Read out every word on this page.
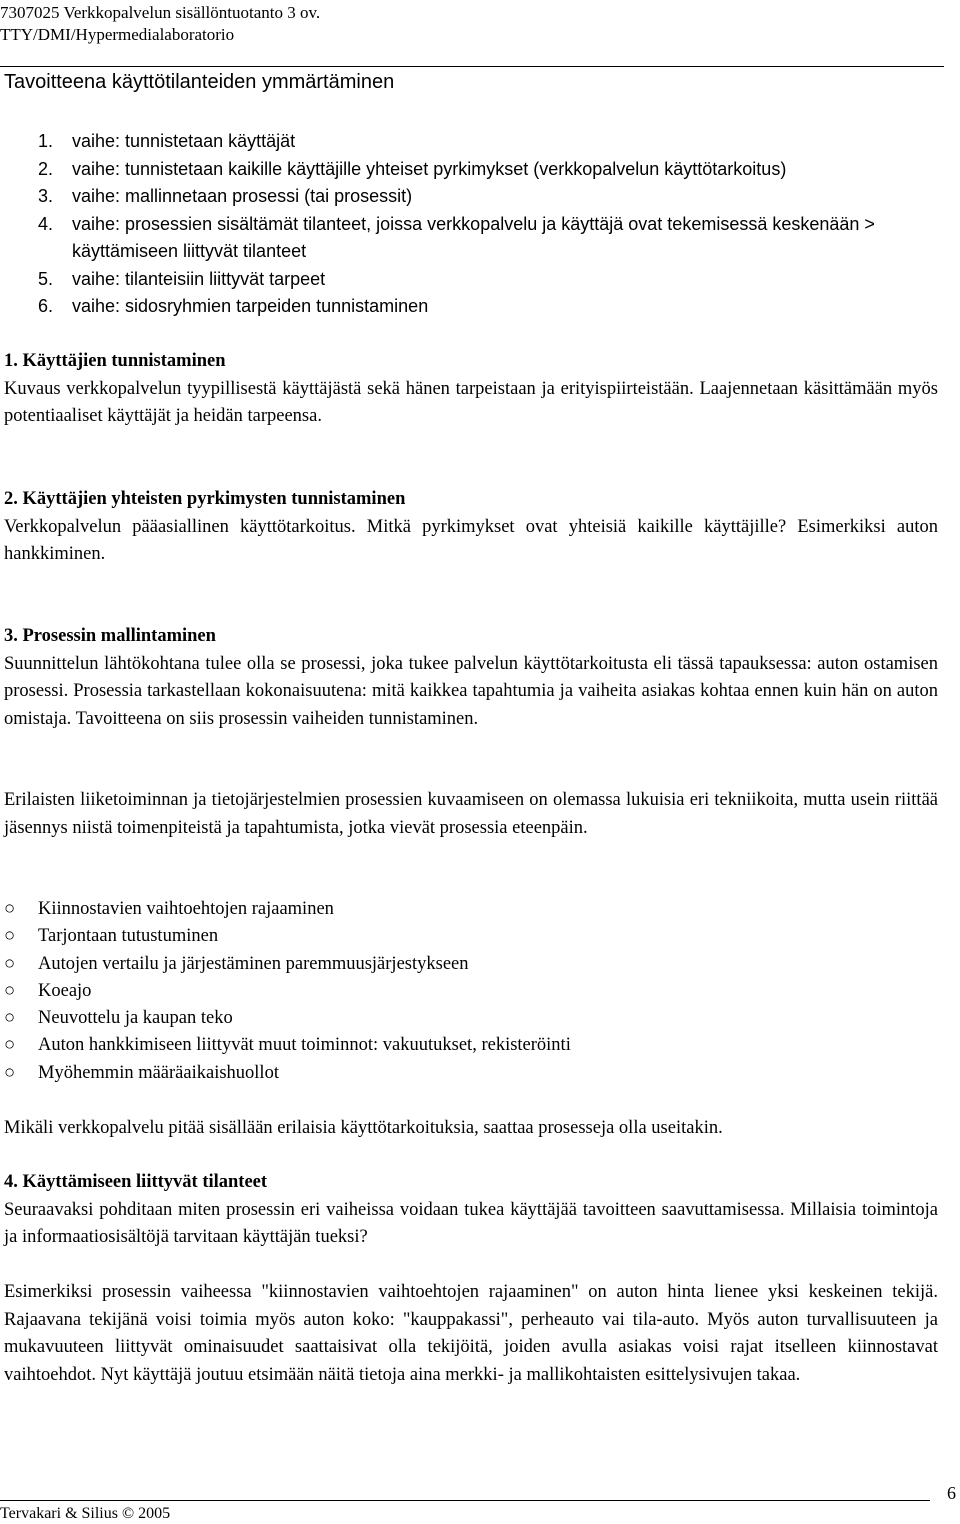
7307025 Verkkopalvelun sisällöntuotanto 3 ov.
TTY/DMI/Hypermedialaboratorio
Tavoitteena käyttötilanteiden ymmärtäminen
1. vaihe: tunnistetaan käyttäjät
2. vaihe: tunnistetaan kaikille käyttäjille yhteiset pyrkimykset (verkkopalvelun käyttötarkoitus)
3. vaihe: mallinnetaan prosessi (tai prosessit)
4. vaihe: prosessien sisältämät tilanteet, joissa verkkopalvelu ja käyttäjä ovat tekemisessä keskenään > käyttämiseen liittyvät tilanteet
5. vaihe: tilanteisiin liittyvät tarpeet
6. vaihe: sidosryhmien tarpeiden tunnistaminen
1. Käyttäjien tunnistaminen
Kuvaus verkkopalvelun tyypillisestä käyttäjästä sekä hänen tarpeistaan ja erityispiirteistään. Laajennetaan käsittämään myös potentiaaliset käyttäjät ja heidän tarpeensa.
2. Käyttäjien yhteisten pyrkimysten tunnistaminen
Verkkopalvelun pääasiallinen käyttötarkoitus. Mitkä pyrkimykset ovat yhteisiä kaikille käyttäjille? Esimerkiksi auton hankkiminen.
3. Prosessin mallintaminen
Suunnittelun lähtökohtana tulee olla se prosessi, joka tukee palvelun käyttötarkoitusta eli tässä tapauksessa: auton ostamisen prosessi. Prosessia tarkastellaan kokonaisuutena: mitä kaikkea tapahtumia ja vaiheita asiakas kohtaa ennen kuin hän on auton omistaja. Tavoitteena on siis prosessin vaiheiden tunnistaminen.
Erilaisten liiketoiminnan ja tietojärjestelmien prosessien kuvaamiseen on olemassa lukuisia eri tekniikoita, mutta usein riittää jäsennys niistä toimenpiteistä ja tapahtumista, jotka vievät prosessia eteenpäin.
○ Kiinnostavien vaihtoehtojen rajaaminen
○ Tarjontaan tutustuminen
○ Autojen vertailu ja järjestäminen paremmuusjärjestykseen
○ Koeajo
○ Neuvottelu ja kaupan teko
○ Auton hankkimiseen liittyvät muut toiminnot: vakuutukset, rekisteröinti
○ Myöhemmin määräaikaishuollot
Mikäli verkkopalvelu pitää sisällään erilaisia käyttötarkoituksia, saattaa prosesseja olla useitakin.
4. Käyttämiseen liittyvät tilanteet
Seuraavaksi pohditaan miten prosessin eri vaiheissa voidaan tukea käyttäjää tavoitteen saavuttamisessa. Millaisia toimintoja ja informaatiosisältöjä tarvitaan käyttäjän tueksi?
Esimerkiksi prosessin vaiheessa "kiinnostavien vaihtoehtojen rajaaminen" on auton hinta lienee yksi keskeinen tekijä. Rajaavana tekijänä voisi toimia myös auton koko: "kauppakassi", perheauto vai tila-auto. Myös auton turvallisuuteen ja mukavuuteen liittyvät ominaisuudet saattaisivat olla tekijöitä, joiden avulla asiakas voisi rajat itselleen kiinnostavat vaihtoehdot. Nyt käyttäjä joutuu etsimään näitä tietoja aina merkki- ja mallikohtaisten esittelysivujen takaa.
6
Tervakari & Silius © 2005
